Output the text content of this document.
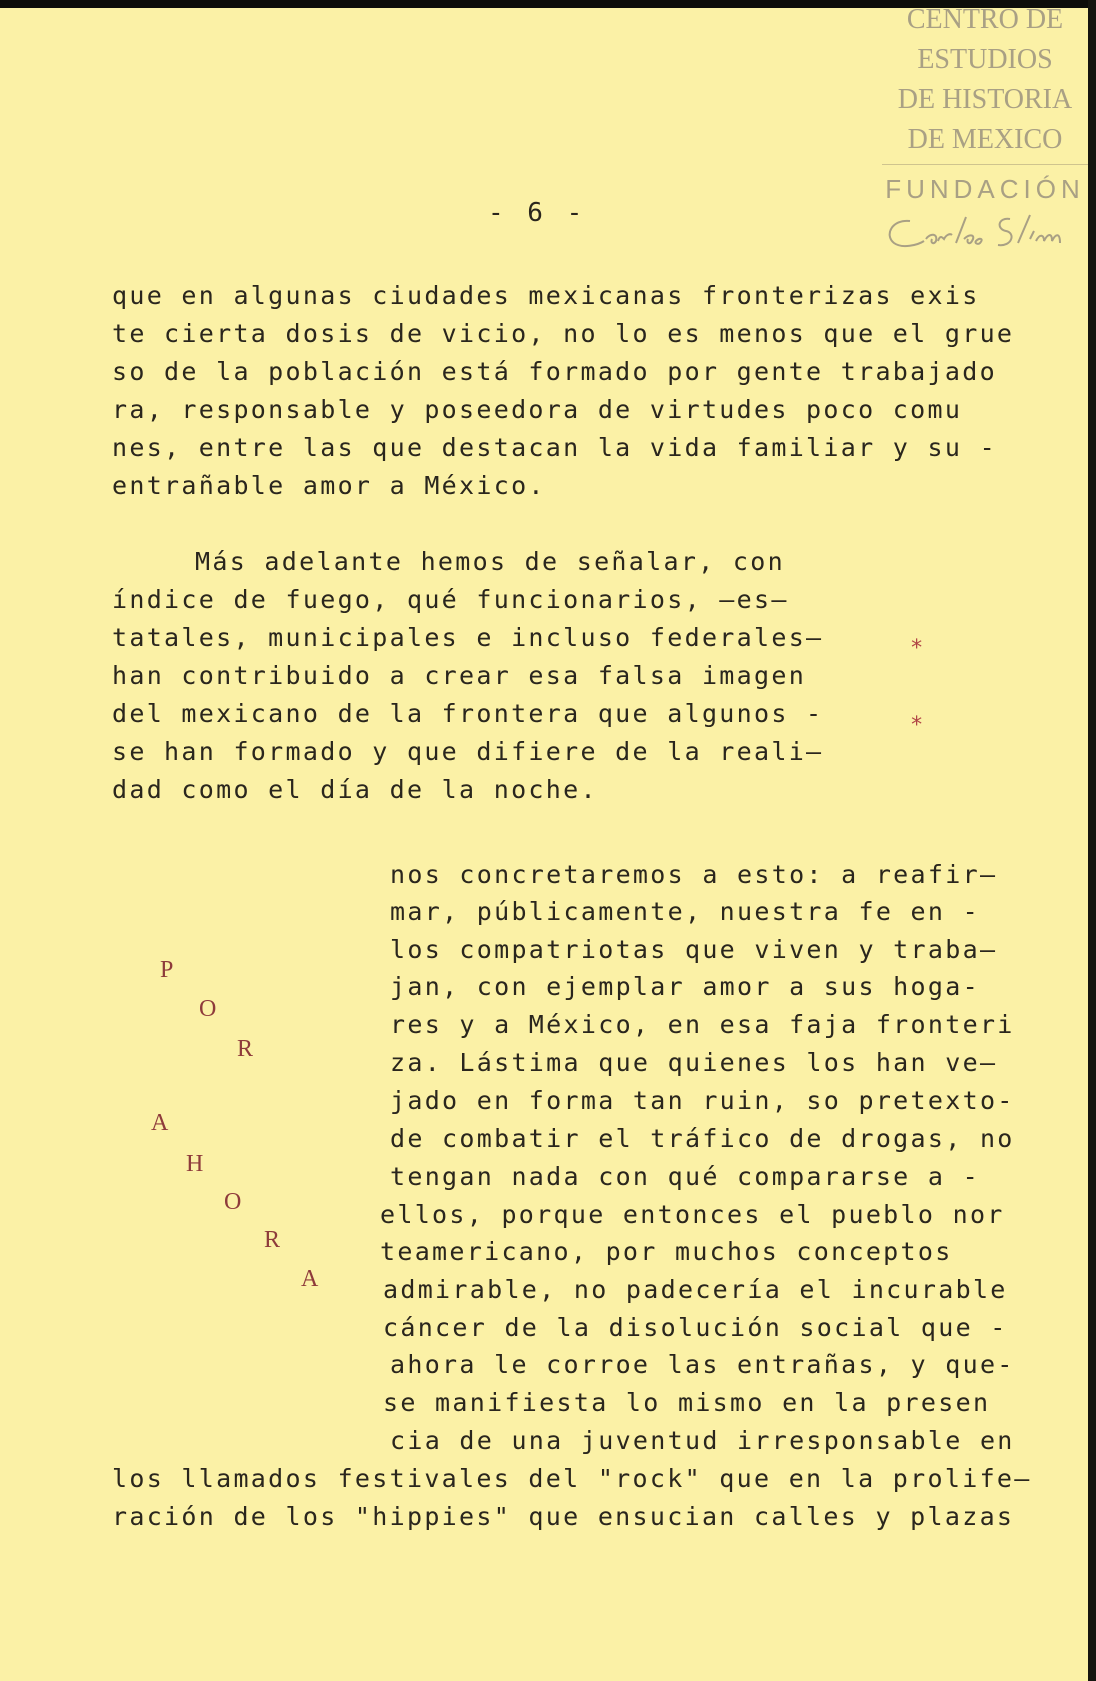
CENTRO DE
ESTUDIOS
DE HISTORIA
DE MEXICO
FUNDACIÓN
- 6 -
que en algunas ciudades mexicanas fronterizas exis
te cierta dosis de vicio, no lo es menos que el grue
so de la población está formado por gente trabajado
ra, responsable y poseedora de virtudes poco comu
nes, entre las que destacan la vida familiar y su -
entrañable amor a México.
Más adelante hemos de señalar, con
índice de fuego, qué funcionarios, —es—
tatales, municipales e incluso federales—
han contribuido a crear esa falsa imagen
del mexicano de la frontera que algunos -
se han formado y que difiere de la reali—
dad como el día de la noche.
*
*
P
O
R
A
H
O
R
A
nos concretaremos a esto: a reafir—
mar, públicamente, nuestra fe en -
los compatriotas que viven y traba—
jan, con ejemplar amor a sus hoga-
res y a México, en esa faja fronteri
za. Lástima que quienes los han ve—
jado en forma tan ruin, so pretexto-
de combatir el tráfico de drogas, no
tengan nada con qué compararse a -
ellos, porque entonces el pueblo nor
teamericano, por muchos conceptos
admirable, no padecería el incurable
cáncer de la disolución social que -
ahora le corroe las entrañas, y que-
se manifiesta lo mismo en la presen
cia de una juventud irresponsable en
los llamados festivales del "rock" que en la prolife—
ración de los "hippies" que ensucian calles y plazas
